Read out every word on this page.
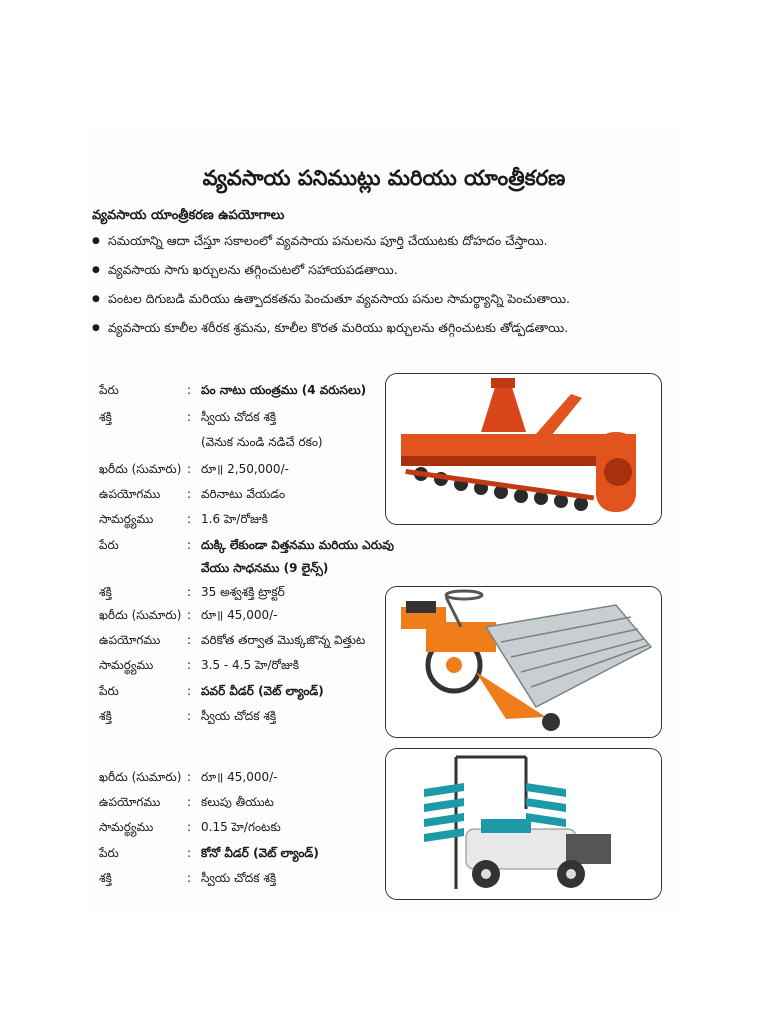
వ్యవసాయ పనిముట్లు మరియు యాంత్రీకరణ
వ్యవసాయ యాంత్రీకరణ ఉపయోగాలు
● సమయాన్ని ఆదా చేస్తూ సకాలంలో వ్యవసాయ పనులను పూర్తి చేయుటకు దోహదం చేస్తాయి.
● వ్యవసాయ సాగు ఖర్చులను తగ్గించుటలో సహాయపడతాయి.
● పంటల దిగుబడి మరియు ఉత్పాదకతను పెంచుతూ వ్యవసాయ పనుల సామర్థ్యాన్ని పెంచుతాయి.
● వ్యవసాయ కూలీల శరీరక శ్రమను, కూలీల కొరత మరియు ఖర్చులను తగ్గించుటకు తోడ్పడతాయి.
పేరు	: పం నాటు యంత్రము (4 వరుసలు)
శక్తి	: స్వీయ చోదక శక్తి
(వెనుక నుండి నడిచే రకం)
ఖరీదు (సుమారు) : రూ॥ 2,50,000/-
ఉపయోగము	: వరినాటు వేయడం
సామర్థ్యము	: 1.6 హె/రోజుకి
పేరు	: దుక్కి లేకుండా విత్తనము మరియు ఎరువు
వేయు సాధనము (9 లైన్స్)
శక్తి	: 35 అశ్వశక్తి ట్రాక్టర్
ఖరీదు (సుమారు) : రూ॥ 45,000/-
ఉపయోగము	: వరికోత తర్వాత మొక్కజొన్న విత్తుట
సామర్థ్యము	: 3.5 - 4.5 హె/రోజుకి
పేరు	: పవర్ వీడర్ (వెట్ ల్యాండ్)
శక్తి	: స్వీయ చోదక శక్తి
ఖరీదు (సుమారు) : రూ॥ 45,000/-
ఉపయోగము	: కలుపు తీయుట
సామర్థ్యము	: 0.15 హె/గంటకు
పేరు	: కోనో వీడర్ (వెట్ ల్యాండ్)
శక్తి	: స్వీయ చోదక శక్తి
